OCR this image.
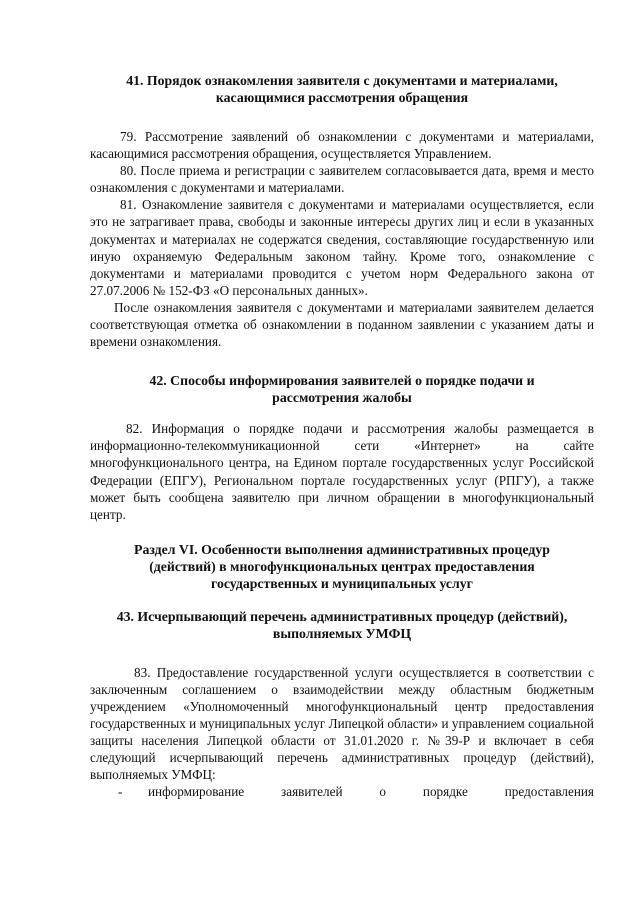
41. Порядок ознакомления заявителя с документами и материалами,
касающимися рассмотрения обращения

79. Рассмотрение заявлений об ознакомлении с документами и материалами, касающимися рассмотрения обращения, осуществляется Управлением.

80. После приема и регистрации с заявителем согласовывается дата, время и место ознакомления с документами и материалами.

81. Ознакомление заявителя с документами и материалами осуществляется, если это не затрагивает права, свободы и законные интересы других лиц и если в указанных документах и материалах не содержатся сведения, составляющие государственную или иную охраняемую Федеральным законом тайну. Кроме того, ознакомление с документами и материалами проводится с учетом норм Федерального закона от 27.07.2006 № 152-ФЗ «О персональных данных».

После ознакомления заявителя с документами и материалами заявителем делается соответствующая отметка об ознакомлении в поданном заявлении с указанием даты и времени ознакомления.

42. Способы информирования заявителей о порядке подачи и
рассмотрения жалобы

82. Информация о порядке подачи и рассмотрения жалобы размещается в информационно-телекоммуникационной сети «Интернет» на сайте многофункционального центра, на Едином портале государственных услуг Российской Федерации (ЕПГУ), Региональном портале государственных услуг (РПГУ), а также может быть сообщена заявителю при личном обращении в многофункциональный центр.

Раздел VI. Особенности выполнения административных процедур
(действий) в многофункциональных центрах предоставления
государственных и муниципальных услуг
43. Исчерпывающий перечень административных процедур (действий),
выполняемых УМФЦ

83. Предоставление государственной услуги осуществляется в соответствии с заключенным соглашением о взаимодействии между областным бюджетным учреждением «Уполномоченный многофункциональный центр предоставления государственных и муниципальных услуг Липецкой области» и управлением социальной защиты населения Липецкой области от 31.01.2020 г. №39-Р и включает в себя следующий исчерпывающий перечень административных процедур (действий), выполняемых УМФЦ:

-	информирование заявителей о порядке предоставления
